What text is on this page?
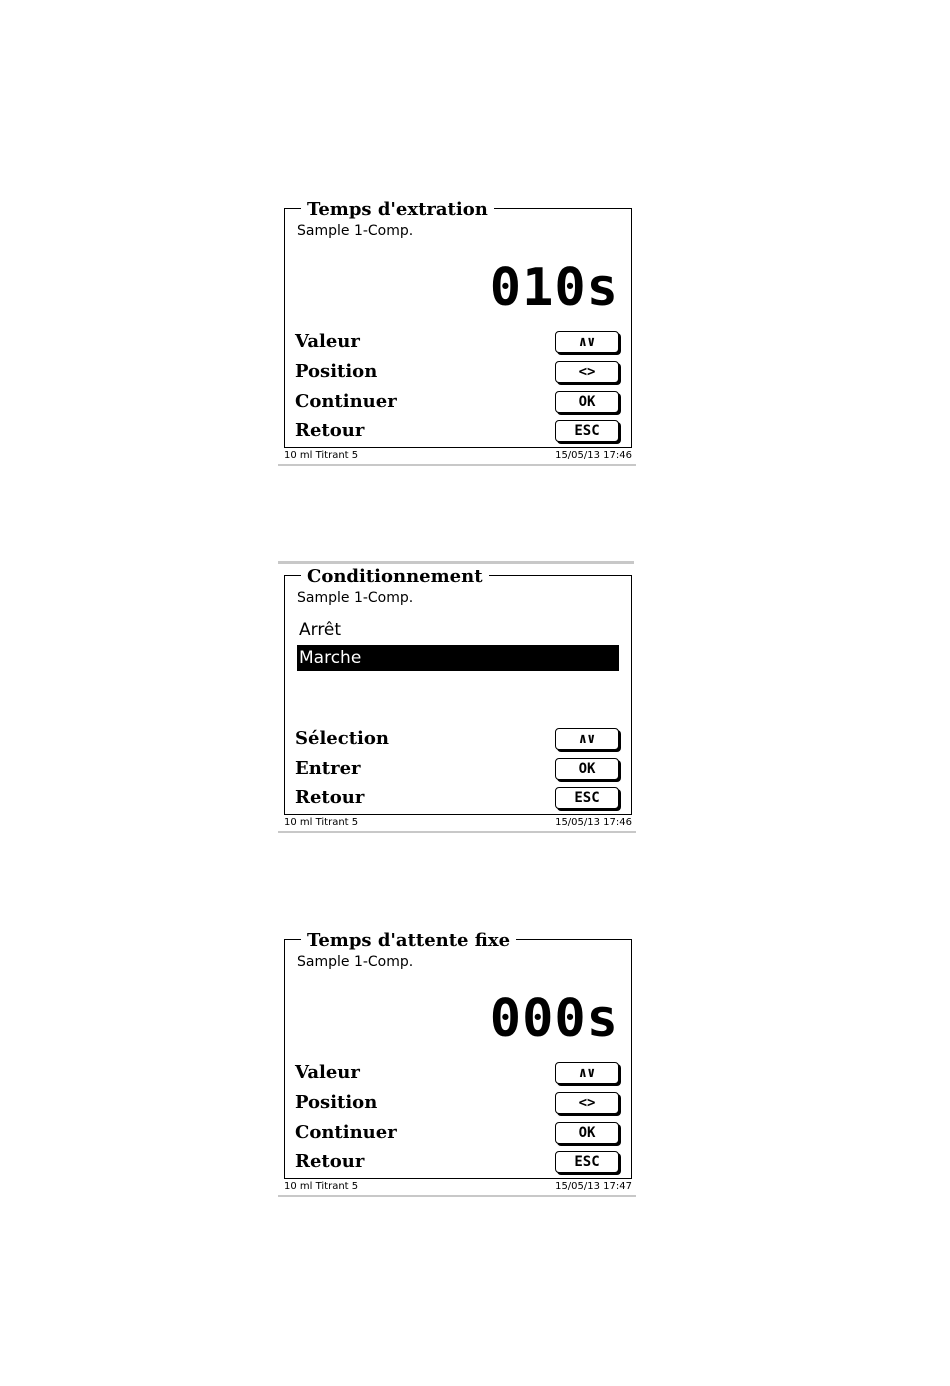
Temps d'extration
Sample 1-Comp.
010s
Valeur	∧∨
Position	<>
Continuer	OK
Retour	ESC
10 ml Titrant 5	15/05/13 17:46
Conditionnement
Sample 1-Comp.
Arrêt
Marche
Sélection	∧∨
Entrer	OK
Retour	ESC
10 ml Titrant 5	15/05/13 17:46
Temps d'attente fixe
Sample 1-Comp.
000s
Valeur	∧∨
Position	<>
Continuer	OK
Retour	ESC
10 ml Titrant 5	15/05/13 17:47
